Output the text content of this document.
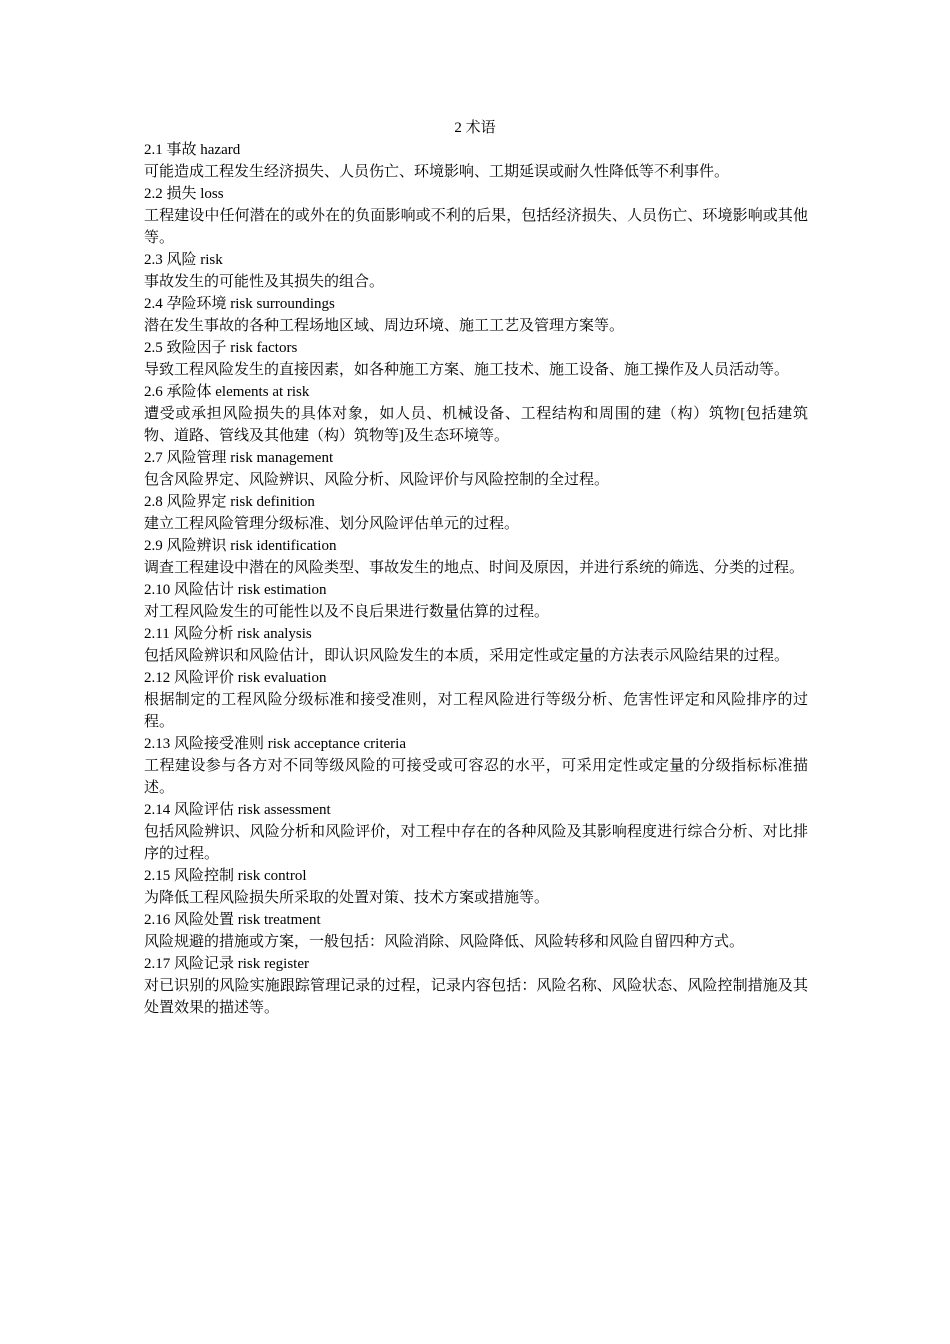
2 术语

2.1 事故 hazard

可能造成工程发生经济损失、人员伤亡、环境影响、工期延误或耐久性降低等不利事件。

2.2 损失 loss

工程建设中任何潜在的或外在的负面影响或不利的后果，包括经济损失、人员伤亡、环境影响或其他等。

2.3 风险 risk

事故发生的可能性及其损失的组合。

2.4 孕险环境 risk surroundings

潜在发生事故的各种工程场地区域、周边环境、施工工艺及管理方案等。

2.5 致险因子 risk factors

导致工程风险发生的直接因素，如各种施工方案、施工技术、施工设备、施工操作及人员活动等。

2.6 承险体 elements at risk

遭受或承担风险损失的具体对象，如人员、机械设备、工程结构和周围的建（构）筑物[包括建筑物、道路、管线及其他建（构）筑物等]及生态环境等。

2.7 风险管理 risk management

包含风险界定、风险辨识、风险分析、风险评价与风险控制的全过程。

2.8 风险界定 risk definition

建立工程风险管理分级标准、划分风险评估单元的过程。

2.9 风险辨识 risk identification

调查工程建设中潜在的风险类型、事故发生的地点、时间及原因，并进行系统的筛选、分类的过程。

2.10 风险估计 risk estimation

对工程风险发生的可能性以及不良后果进行数量估算的过程。

2.11 风险分析 risk analysis

包括风险辨识和风险估计，即认识风险发生的本质，采用定性或定量的方法表示风险结果的过程。

2.12 风险评价 risk evaluation

根据制定的工程风险分级标准和接受准则，对工程风险进行等级分析、危害性评定和风险排序的过程。

2.13 风险接受准则 risk acceptance criteria

工程建设参与各方对不同等级风险的可接受或可容忍的水平，可采用定性或定量的分级指标标准描述。

2.14 风险评估 risk assessment

包括风险辨识、风险分析和风险评价，对工程中存在的各种风险及其影响程度进行综合分析、对比排序的过程。

2.15 风险控制 risk control

为降低工程风险损失所采取的处置对策、技术方案或措施等。

2.16 风险处置 risk treatment

风险规避的措施或方案，一般包括：风险消除、风险降低、风险转移和风险自留四种方式。

2.17 风险记录 risk register

对已识别的风险实施跟踪管理记录的过程，记录内容包括：风险名称、风险状态、风险控制措施及其处置效果的描述等。
